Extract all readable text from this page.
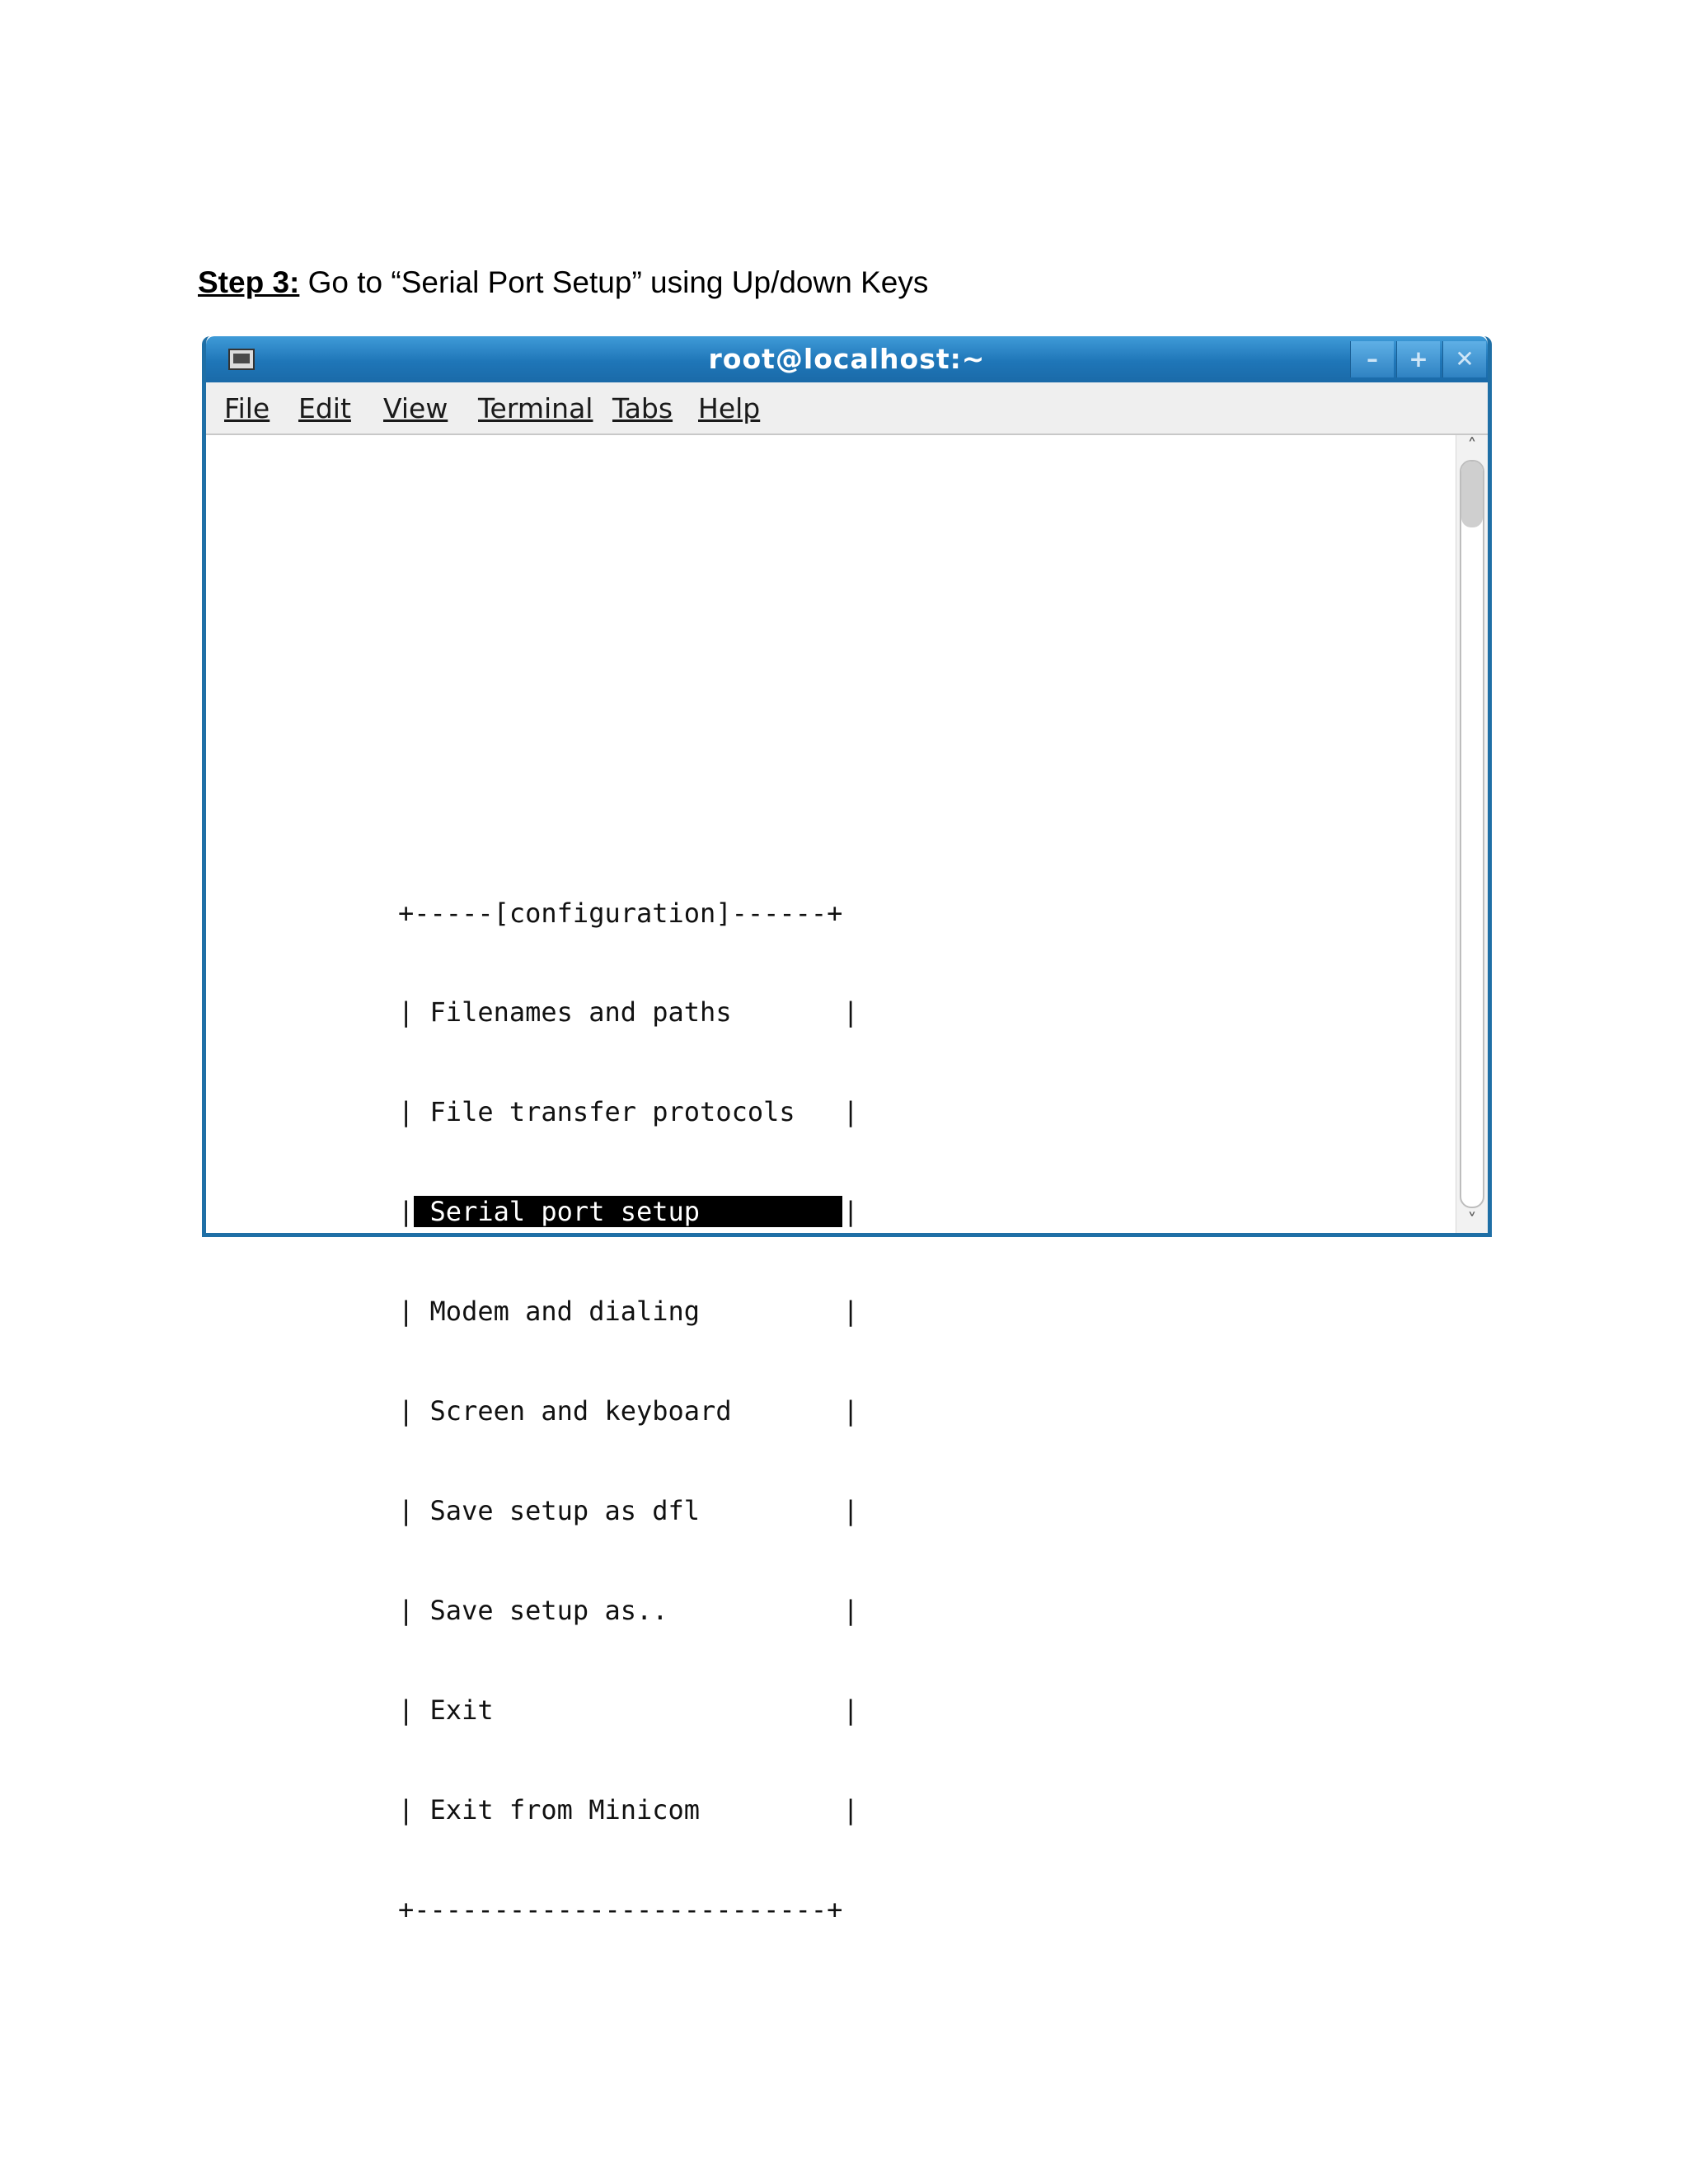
Step 3: Go to “Serial Port Setup” using Up/down Keys
root@localhost:~	–	+	✕
File Edit View Terminal Tabs Help

+-----[configuration]------+

| Filenames and paths	|

| File transfer protocols |

| Serial port setup	|

| Modem and dialing	|

| Screen and keyboard	|

| Save setup as dfl	|

| Save setup as..	|

| Exit	|

| Exit from Minicom	|

+--------------------------+

˄
˅
